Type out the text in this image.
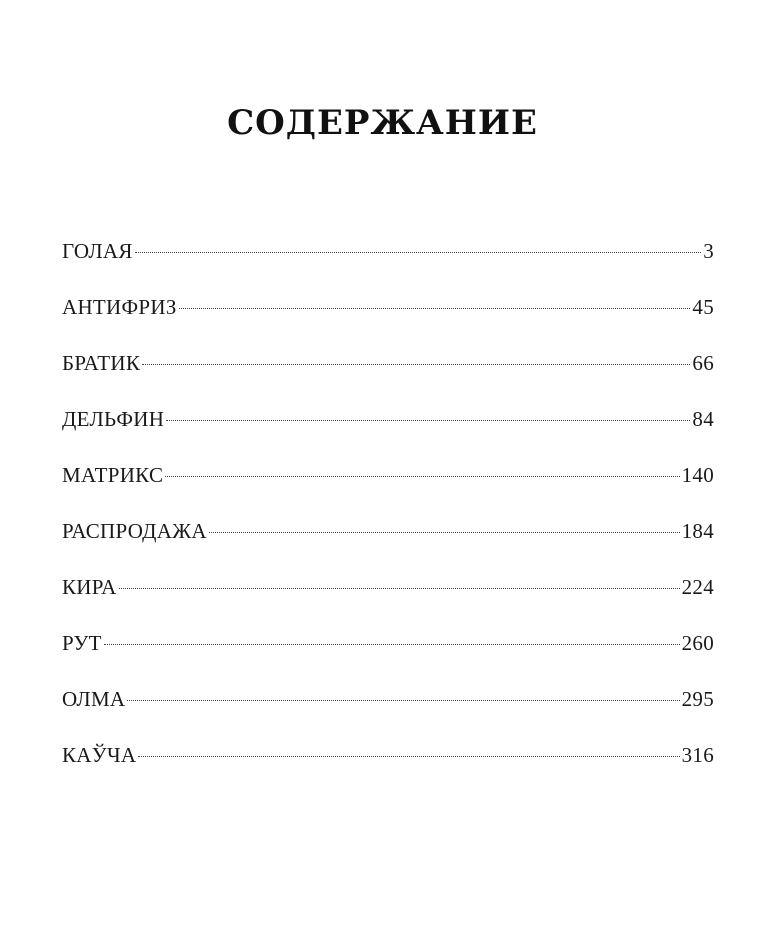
СОДЕРЖАНИЕ
ГОЛАЯ	3
АНТИФРИЗ	45
БРАТИК	66
ДЕЛЬФИН	84
МАТРИКС	140
РАСПРОДАЖА	184
КИРА	224
РУТ	260
ОЛМА	295
КАЎЧА	316
